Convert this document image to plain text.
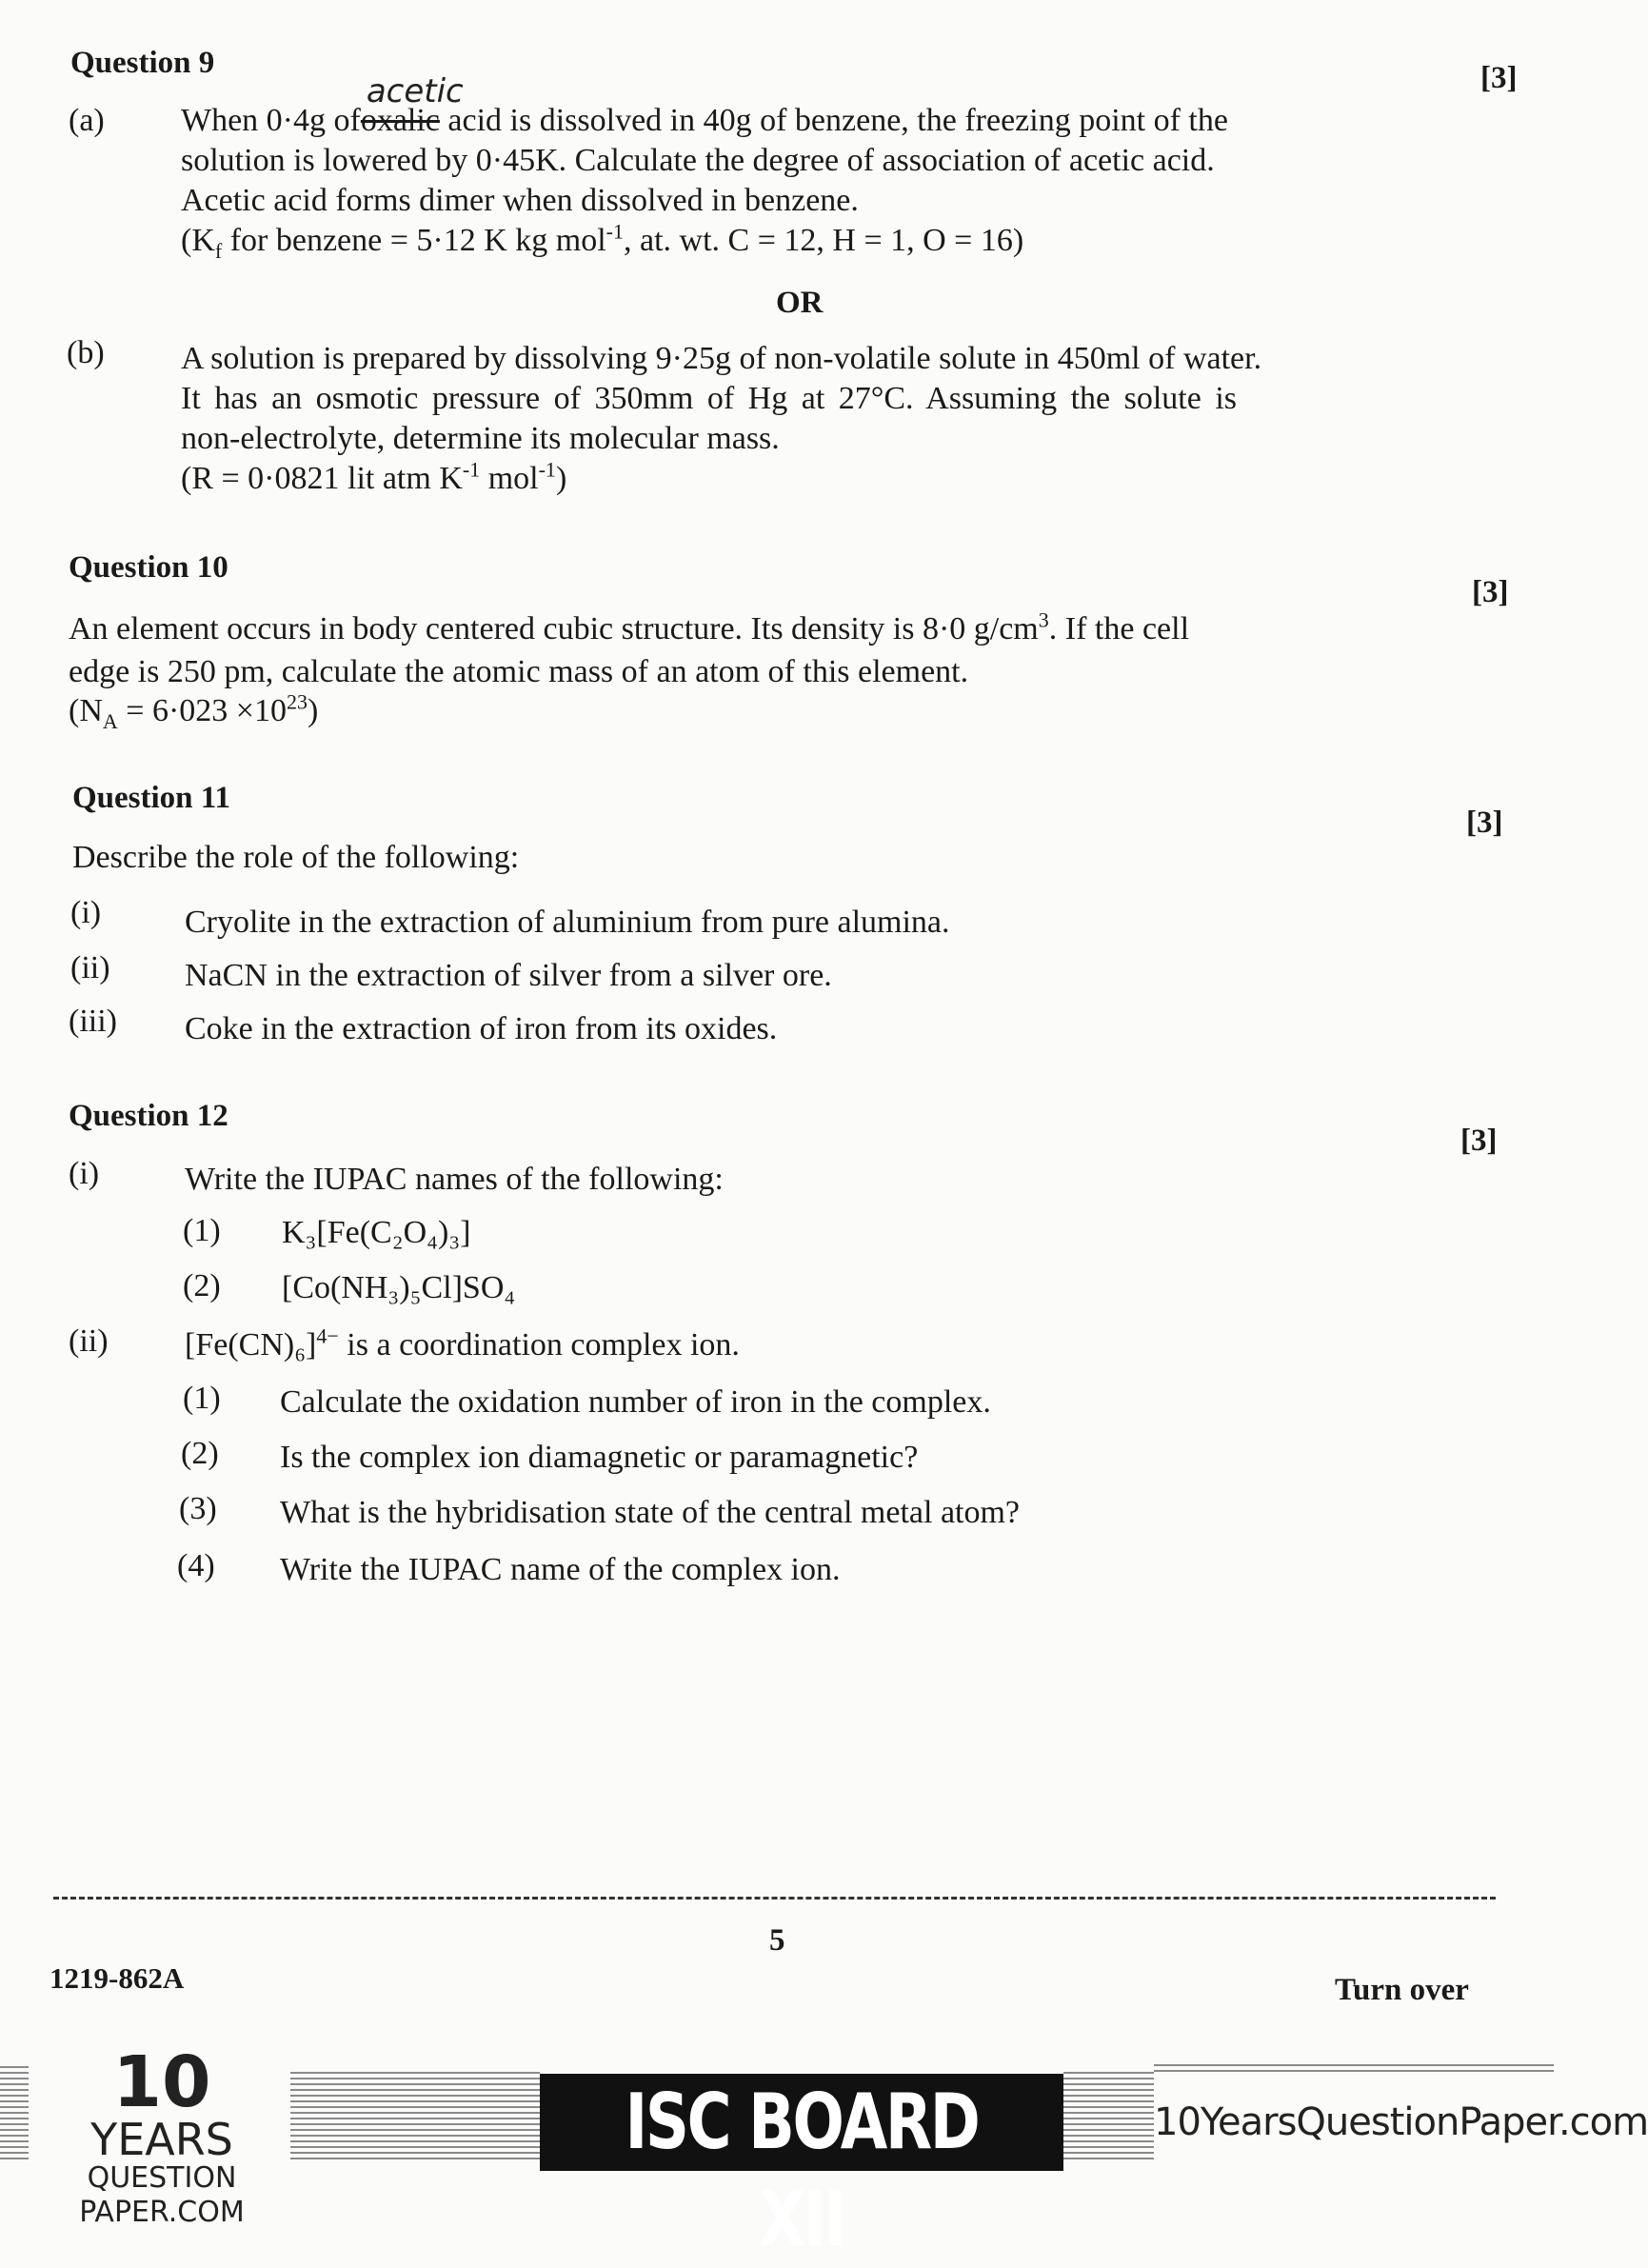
Question 9	[3]
(a) When 0·4g ofoxalic
acetic
acid is dissolved in 40g of benzene, the freezing point of the
solution is lowered by 0·45K. Calculate the degree of association of acetic acid.
Acetic acid forms dimer when dissolved in benzene.
($K_f$ for benzene = 5·12 K kg mol$^{-1}$, at. wt. C = 12, H = 1, O = 16)
OR
(b) A solution is prepared by dissolving 9·25g of non-volatile solute in 450ml of water.
It has an osmotic pressure of 350mm of Hg at 27°C. Assuming the solute is
non-electrolyte, determine its molecular mass.
(R = 0·0821 lit atm $K^{-1}$ mol$^{-1}$)
Question 10
[3]
An element occurs in body centered cubic structure. Its density is 8·0 $g/cm^3$. If the cell
edge is 250 pm, calculate the atomic mass of an atom of this element.
$(N_A = 6\cdot 023 \times 10^{23})$
Question 11
[3]
Describe the role of the following:
(i)	Cryolite in the extraction of aluminium from pure alumina.
(ii) NaCN in the extraction of silver from a silver ore.
(iii) Coke in the extraction of iron from its oxides.
Question 12
[3]
(i)	Write the IUPAC names of the following:
(1) K₃[Fe(C₂O₄)₃]
(2) [Co(NH₃)₅Cl]SO₄
(ii) $[Fe(CN)_6]^{4-}$ is a coordination complex ion.
(1) Calculate the oxidation number of iron in the complex.
(2) Is the complex ion diamagnetic or paramagnetic?
(3) What is the hybridisation state of the central metal atom?
(4) Write the IUPAC name of the complex ion.
5
1219-862A	Turn over
10
YEARS
QUESTION PAPER.COM
ISC BOARD XII
10YearsQuestionPaper.com
